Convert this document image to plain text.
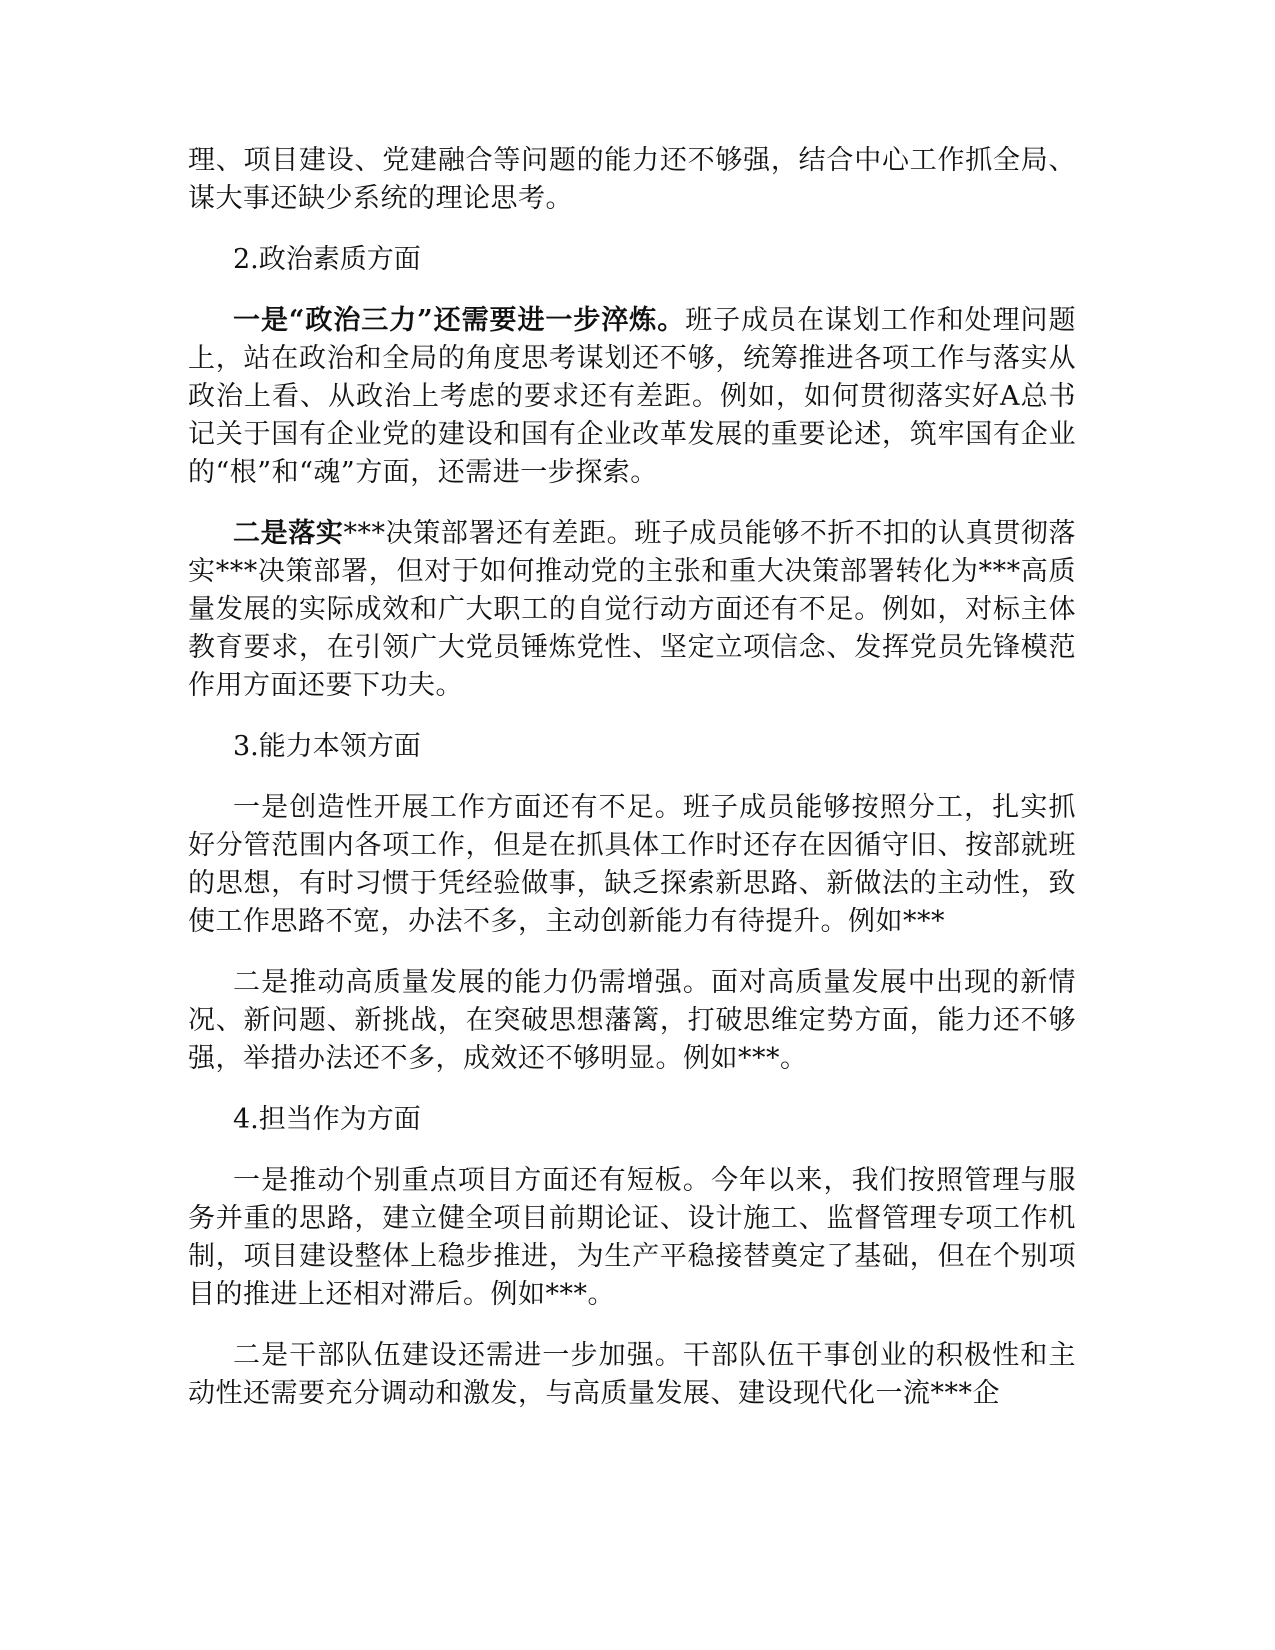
理、项目建设、党建融合等问题的能力还不够强，结合中心工作抓全局、谋大事还缺少系统的理论思考。

2.政治素质方面

一是“政治三力”还需要进一步淬炼。班子成员在谋划工作和处理问题上，站在政治和全局的角度思考谋划还不够，统筹推进各项工作与落实从政治上看、从政治上考虑的要求还有差距。例如，如何贯彻落实好A总书记关于国有企业党的建设和国有企业改革发展的重要论述，筑牢国有企业的“根”和“魂”方面，还需进一步探索。

二是落实***决策部署还有差距。班子成员能够不折不扣的认真贯彻落实***决策部署，但对于如何推动党的主张和重大决策部署转化为***高质量发展的实际成效和广大职工的自觉行动方面还有不足。例如，对标主体教育要求，在引领广大党员锤炼党性、坚定立项信念、发挥党员先锋模范作用方面还要下功夫。

3.能力本领方面

一是创造性开展工作方面还有不足。班子成员能够按照分工，扎实抓好分管范围内各项工作，但是在抓具体工作时还存在因循守旧、按部就班的思想，有时习惯于凭经验做事，缺乏探索新思路、新做法的主动性，致使工作思路不宽，办法不多，主动创新能力有待提升。例如***

二是推动高质量发展的能力仍需增强。面对高质量发展中出现的新情况、新问题、新挑战，在突破思想藩篱，打破思维定势方面，能力还不够强，举措办法还不多，成效还不够明显。例如***。

4.担当作为方面

一是推动个别重点项目方面还有短板。今年以来，我们按照管理与服务并重的思路，建立健全项目前期论证、设计施工、监督管理专项工作机制，项目建设整体上稳步推进，为生产平稳接替奠定了基础，但在个别项目的推进上还相对滞后。例如***。

二是干部队伍建设还需进一步加强。干部队伍干事创业的积极性和主动性还需要充分调动和激发，与高质量发展、建设现代化一流***企
